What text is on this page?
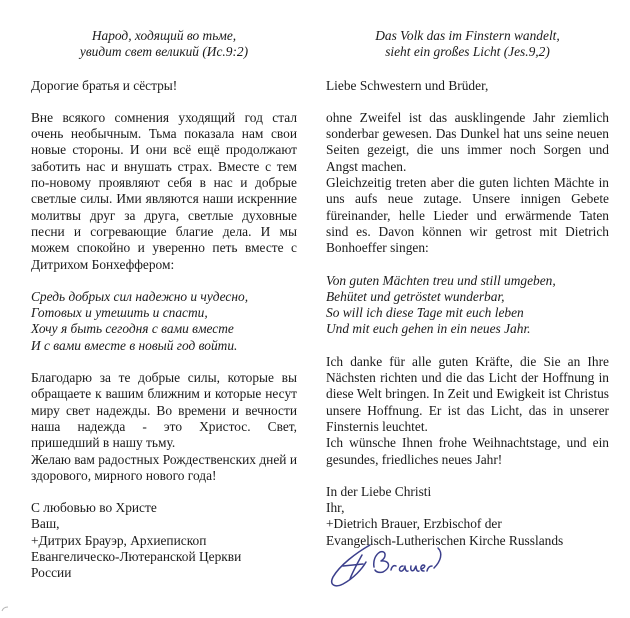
Народ, ходящий во тьме,
увидит свет великий (Ис.9:2)

Дорогие братья и сёстры!

Вне всякого сомнения уходящий год стал очень необычным. Тьма показала нам свои новые стороны. И они всё ещё продолжают заботить нас и внушать страх. Вместе с тем по-новому проявляют себя в нас и добрые светлые силы. Ими являются наши искренние молитвы друг за друга, светлые духовные песни и согревающие благие дела. И мы можем спокойно и уверенно петь вместе с Дитрихом Бонхеффером:

Средь добрых сил надежно и чудесно,
Готовых и утешить и спасти,
Хочу я быть сегодня с вами вместе
И с вами вместе в новый год войти.

Благодарю за те добрые силы, которые вы обращаете к вашим ближним и которые несут миру свет надежды. Во времени и вечности наша надежда - это Христос. Свет, пришедший в нашу тьму.

Желаю вам радостных Рождественских дней и здорового, мирного нового года!

С любовью во Христе
Ваш,
+Дитрих Брауэр, Архиепископ
Евангелическо-Лютеранской Церкви
России
Das Volk das im Finstern wandelt,
sieht ein großes Licht (Jes.9,2)

Liebe Schwestern und Brüder,

ohne Zweifel ist das ausklingende Jahr ziemlich sonderbar gewesen. Das Dunkel hat uns seine neuen Seiten gezeigt, die uns immer noch Sorgen und Angst machen.

Gleichzeitig treten aber die guten lichten Mächte in uns aufs neue zutage. Unsere innigen Gebete füreinander, helle Lieder und erwärmende Taten sind es. Davon können wir getrost mit Dietrich Bonhoeffer singen:

Von guten Mächten treu und still umgeben,
Behütet und getröstet wunderbar,
So will ich diese Tage mit euch leben
Und mit euch gehen in ein neues Jahr.

Ich danke für alle guten Kräfte, die Sie an Ihre Nächsten richten und die das Licht der Hoffnung in diese Welt bringen. In Zeit und Ewigkeit ist Christus unsere Hoffnung. Er ist das Licht, das in unserer Finsternis leuchtet.

Ich wünsche Ihnen frohe Weihnachtstage, und ein gesundes, friedliches neues Jahr!

In der Liebe Christi
Ihr,
+Dietrich Brauer, Erzbischof der
Evangelisch-Lutherischen Kirche Russlands
